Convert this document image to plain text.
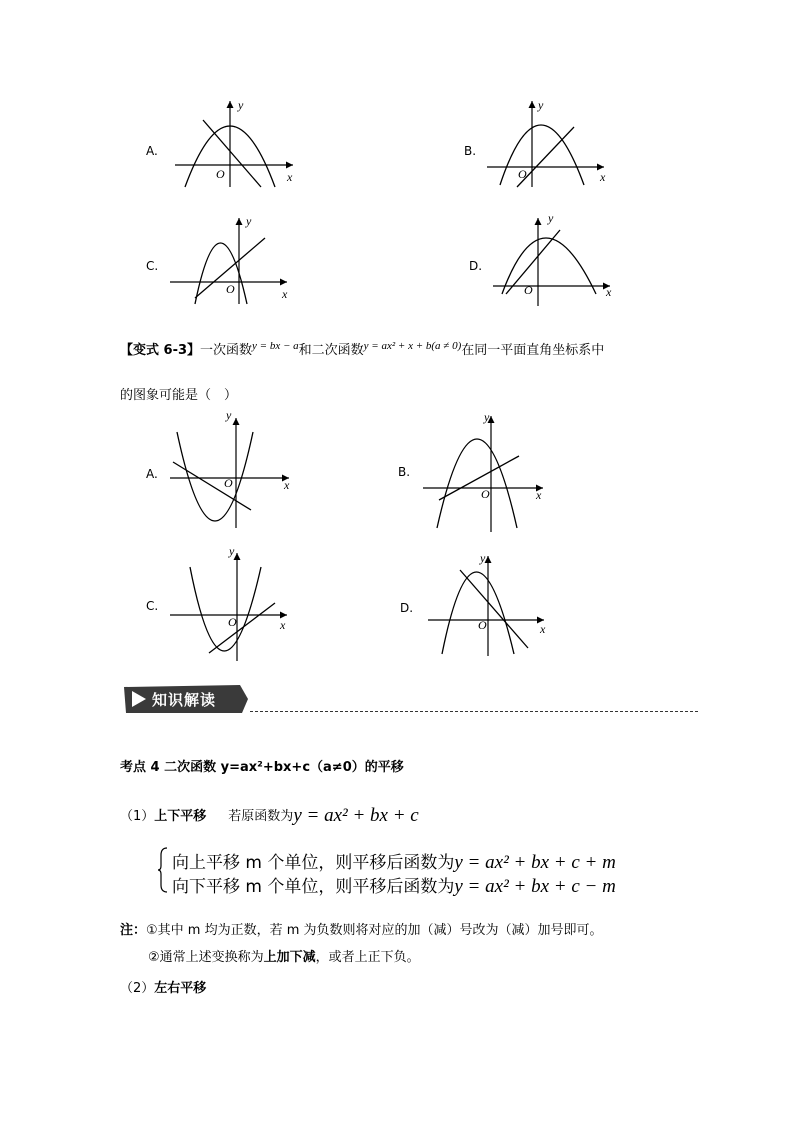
A.
y
x
O
B.
y
x
O
C.
y
x
O
D.
y
x
O
【变式 6-3】一次函数$^{y = bx - a}$和二次函数$^{y = ax^2 + x + b(a \ne 0)}$在同一平面直角坐标系中
的图象可能是（　）
A.
y
x
O
B.
y
x
O
C.
y
x
O
D.
y
x
O
知识解读
考点 4 二次函数 y=ax²+bx+c（a≠0）的平移
（1）上下平移 若原函数为y = ax² + bx + c
向上平移 m 个单位，则平移后函数为y = ax² + bx + c + m
向下平移 m 个单位，则平移后函数为y = ax² + bx + c − m
注：①其中 m 均为正数，若 m 为负数则将对应的加（减）号改为（减）加号即可。
②通常上述变换称为上加下减，或者上正下负。
（2）左右平移
